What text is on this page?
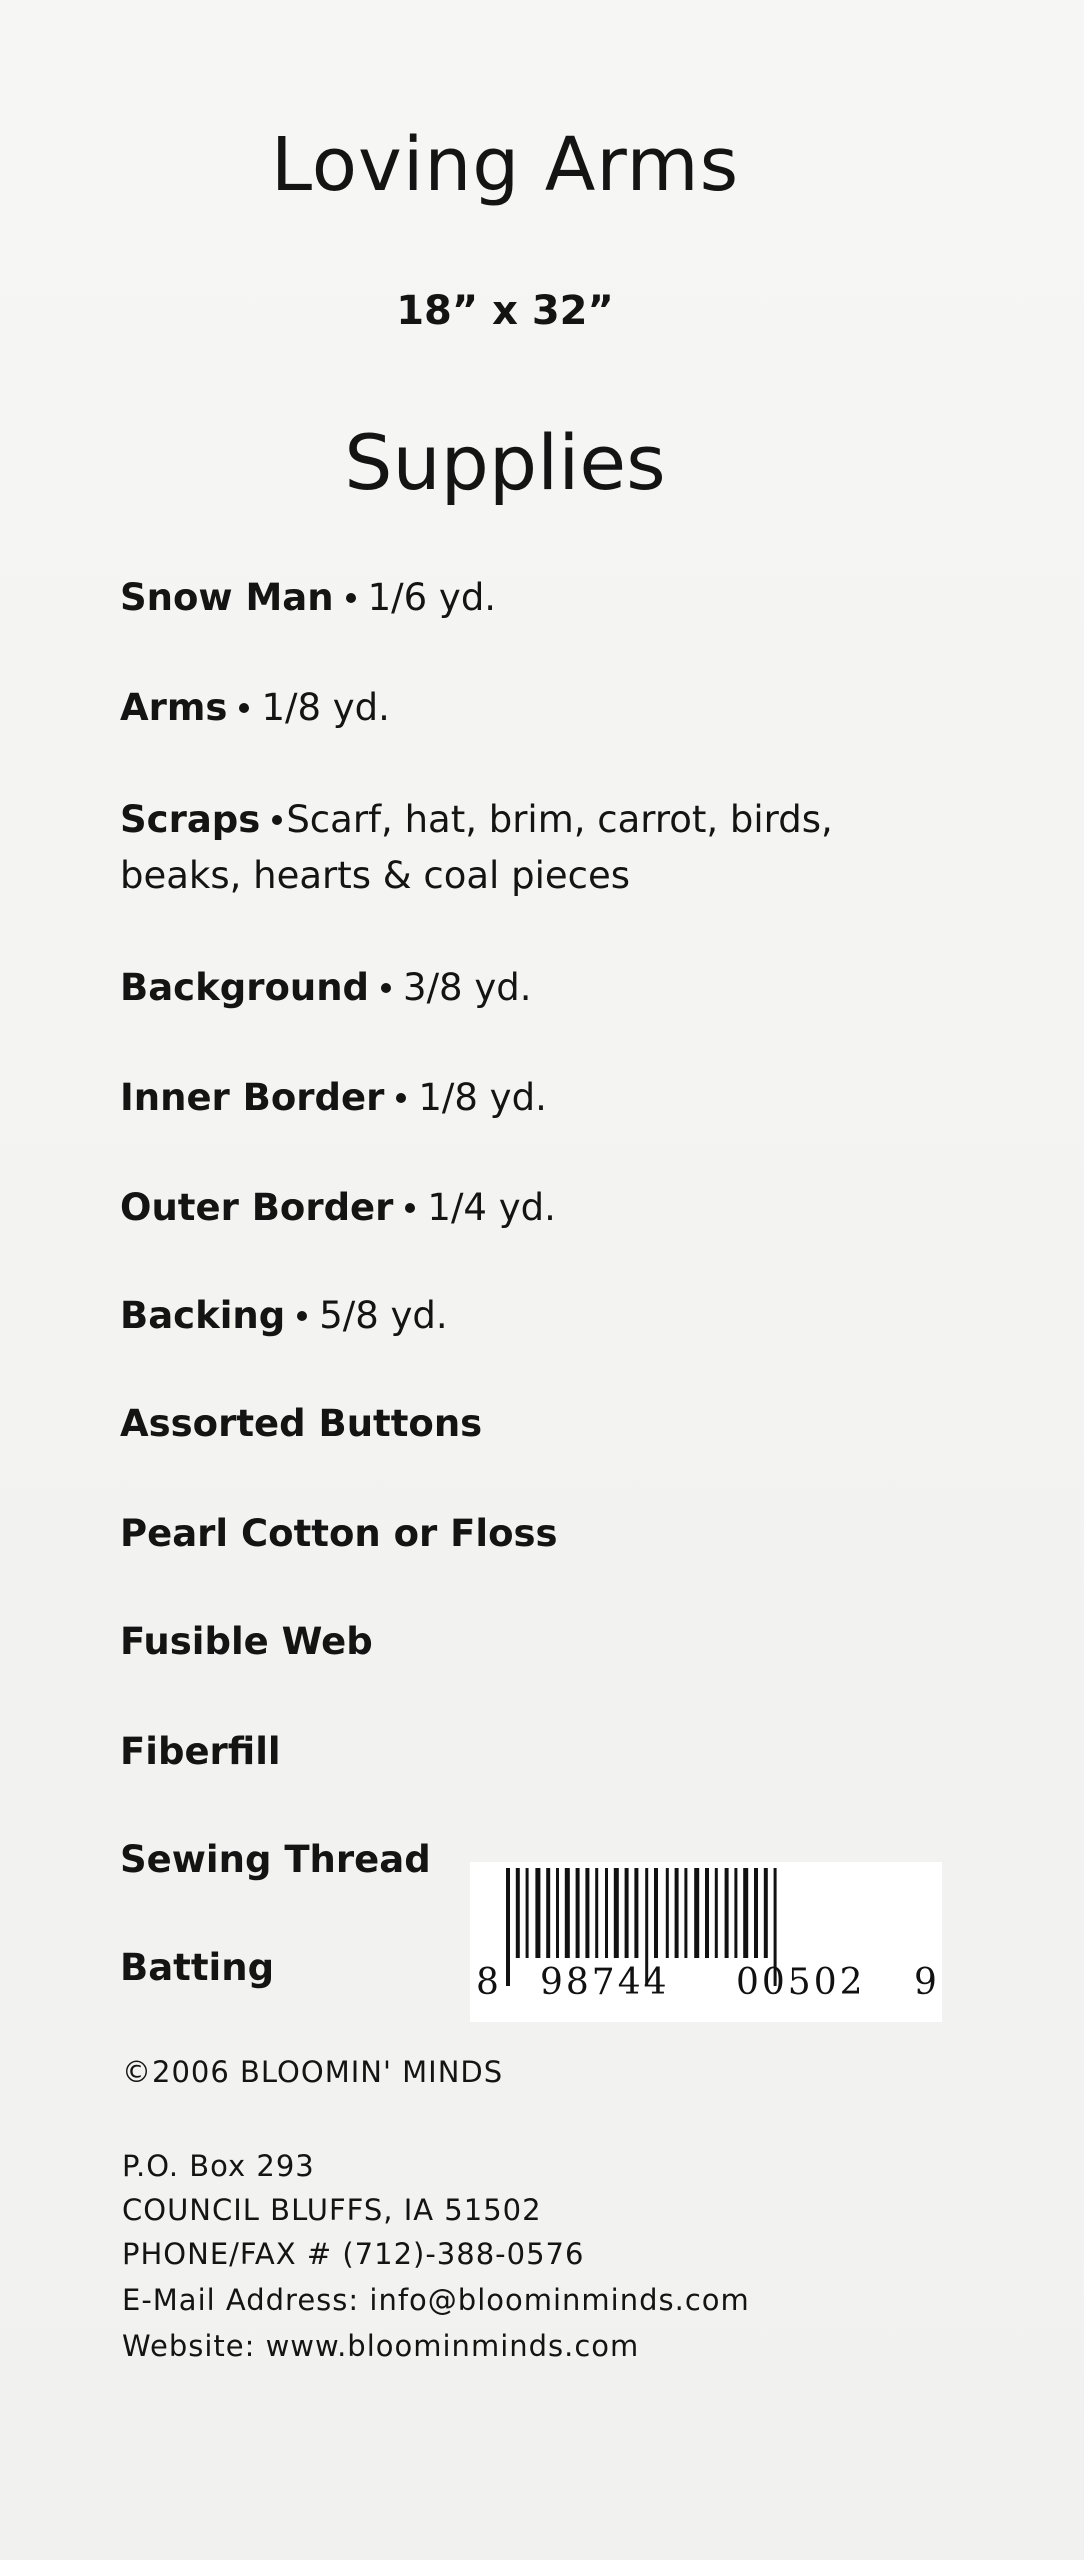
Loving Arms
18” x 32”
Supplies
Snow Man 1/6 yd.
Arms 1/8 yd.
Scraps Scarf, hat, brim, carrot, birds,
beaks, hearts & coal pieces
Background 3/8 yd.
Inner Border 1/8 yd.
Outer Border 1/4 yd.
Backing 5/8 yd.
Assorted Buttons
Pearl Cotton or Floss
Fusible Web
Fiberfill
Sewing Thread
Batting	8 98744 00502 9
©2006 BLOOMIN' MINDS
P.O. Box 293
COUNCIL BLUFFS, IA 51502
PHONE/FAX # (712)-388-0576
E-Mail Address: info@bloominminds.com
Website: www.bloominminds.com
